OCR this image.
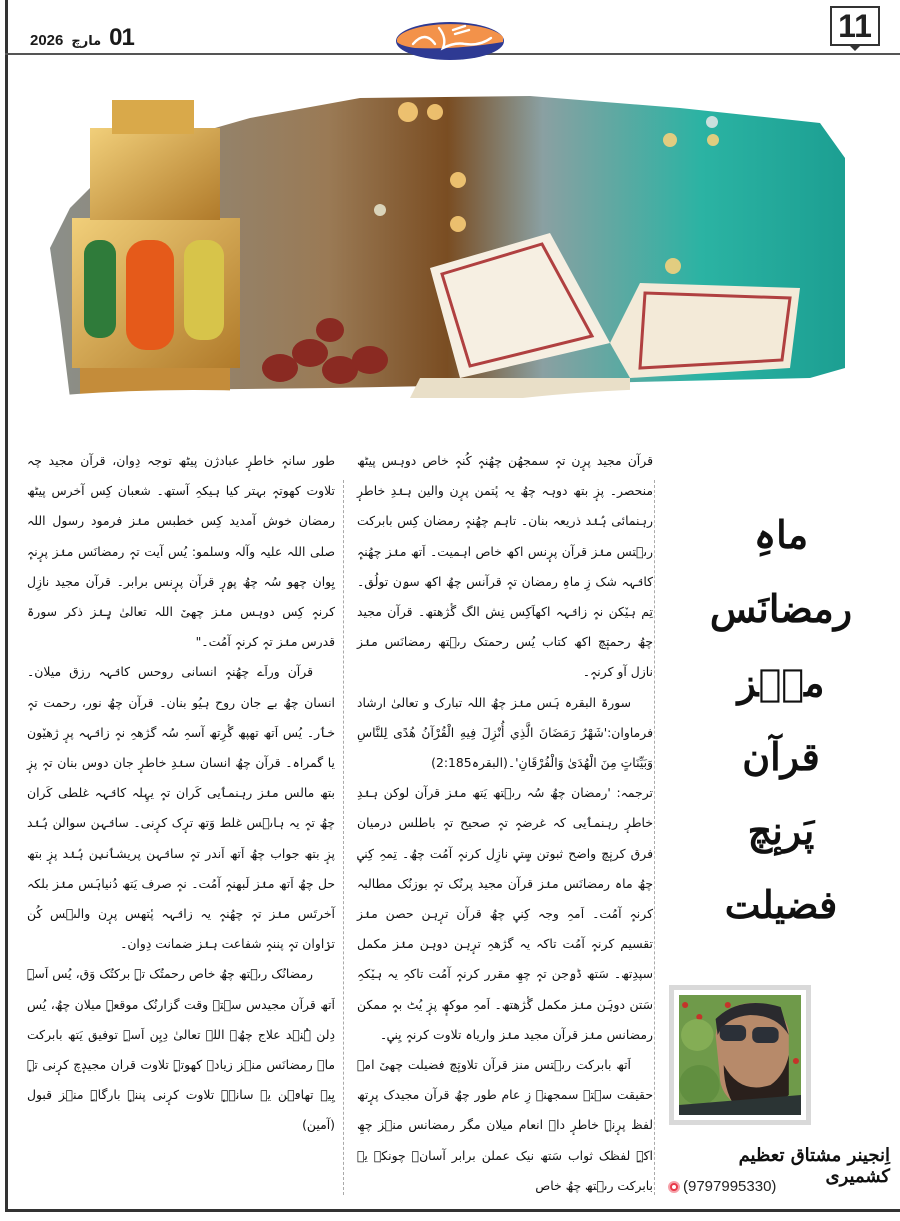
2026 مارچ 01	11

قرآن مجید پرٕن تہٕ سمجھُن چھُنہٕ کُنہٕ خاص دوہس پیٹھ منحصر۔ پزٕ بتھ دوہہ چھُ یہ پٔتمن پرٕن والین ہنٛدِ خاطرٕ رہنمائی ہُنٛد ذریعہ بنان۔ تاہم چھُنہٕ رمضان کِس بابرکت رٮ۪تس منٛز قرآن پرٕنس اکھ خاص اہمیت۔ اَتھ منٛز چھُنہٕ کانٛہہ شک زِ ماہِ رمضان تہٕ قرآنس چھُ اکھ سۄن تولُق۔ تِم ہیٚکن نہٕ زانٛہہ اکھاَکِس نِش الگ گٔژھتھ۔ قرآن مجید چھُ رحمتٕچ اکھ کتاب یُس رحمتک رٮ۪تھ رمضانَس منٛز نازل آو کرنہٕ۔

سورۃ البقرہ ہَس منٛز چھُ اللہ تبارک و تعالیٰ ارشاد فرماوان:'شَهْرُ رَمَضَانَ الَّذِي أُنْزِلَ فِيهِ الْقُرْآنُ هُدًى لِلنَّاسِ وَبَيِّنَاتٍ مِنَ الْهُدَىٰ وَالْفُرْقَانِ'۔(البقرہ2:185)

ترجمہ: 'رمضان چھُ سُہ رٮ۪تھ یَتھ منٛز قرآن لوکن ہنٛدِ خاطرٕ رہنمٲیی کہ غرضہٕ تہٕ صحیح تہٕ باطلس درمیان فرق کرنٕچ واضح ثبوتن سٟتؠ نازِل کرنہٕ آمُت چھُ۔ تِمہِ کِنؠ چھُ ماہ رمضانَس منٛز قرآن مجید پرنُک تہٕ بوزنُک مطالبہ کرنہٕ آمُت۔ اَمہِ وجہ کِنؠ چھُ قرآن ترٕہن حصن منٛز تقسیم کرنہٕ آمُت تاکہ یہ گژھہِ ترٕہن دوہن منٛز مکمل سپدِتھ۔ سَتھ ڈۄجن تہٕ چھِ مقرر کرنہٕ آمُت تاکہِ یہ ہیٚکہِ سَتن دوہَن منٛز مکمل گٔژھتھ۔ اَمہِ موکھٕ پزٕ یُٹ بہٕ ممکن رمضانس منٛز قرآن مجید منٛز وارياہ تلاوت کرنہٕ یِنؠ۔

اَتھ بابرکت رٮ۪تس منز قرآن تلاوتٕچ فضیلت چھیٚ امہ حقیقت سٟتؠ سمجھنؠ زِ عام طور چھُ قرآن مجیدک پرٕتھ لفظ پرٕنہٕ خاطرٕ داہ انعام میلان مگر رمضانس منٛز چھِ اکہِ لفظک ثواب سَتھ نیک عملن برابر آسان۔ چونکہ یہ بابرکت رٮ۪تھ چھُ خاص

طور سانہٕ خاطرٕ عبادژن پیٹھ توجہ دِوان، قرآن مجید چہ تلاوت کھوتہٕ بہتر کیا ہیکہِ آستھ۔ شعبان کِس آخرس پیٹھ رمضان خوش آمدید کِس خطبس منٛز فرمود رسول اللہ صلی اللہ علیہ وآلہ وسلمو: یُس آیت تہٕ رمضانَس منٛز پرٕنہٕ یِوان چھو سُہ چھُ پۄرٕ قرآن پرٕنس برابر۔ قرآن مجید نازِل کرنہٕ کِس دوہس منٛز چھیٚ اللہ تعالیٰ ہٕنٛز ذکر سورۃ قدرس منٛز تہٕ کرنہٕ آمُت۔"

قرآن وراَے چھُنہٕ انسانی روحس کانٛہہ رزق میلان۔ انسان چھُ بے جان روح ہیُو بنان۔ قرآن چھُ نور، رحمت تہٕ خٲر۔ یُس اَتھ تھپھ گٔرِتھ آسہِ سُہ گژھہِ نہٕ زانٛہہ پرٕ ژھیٚون یا گمراہ۔ قرآن چھُ انسان سنٛدِ خاطرٕ جان دوس بنان تہٕ پزٕ بتھ مالس منٛز رہنمٲیی کَران تہٕ یہِلہ کانٛہہ غلطی کَران چھُ تہٕ یہ ہاٮ۪س غلط وَتھ ترٕک کرٕنی۔ سانٛہن سوالن ہُنٛد پزٕ بتھ جواب چھُ اَتھ اَندر تہٕ سانٛہن پریشٲنؠن ہُنٛد پزٕ بتھ حل چھُ اَتھ منٛز لَبھنہٕ آمُت۔ نہٕ صرف یَتھ دُنیاہَس منٛز بلکہ آخرتَس منٛز تہٕ چھُنہٕ یہ زانٛہہ پٔتھس پرٕن والٮ۪س کُن ترٛاوان تہٕ پننہٕ شفاعت ہنٛز ضمانت دِوان۔

رمضانُک رٮ۪تھ چھُ خاص رحمتُک تہٕ برکتُک وَق، یُس اَسہِ اَتھ قرآن مجیدس سٟتؠ وقت گزارنُک موقعہٕ میلان چھُ، یُس دِلن ہُنٛد علاج چھُ۔ اللہ تعالیٰ دِیِن اَسہِ توفیق یَتھ بابرکت ماہ رمضانَس منٛز زیادہ کھوتہٕ تلاوت قران مجیدٕچ کرٕنی تہٕ یِیہ تھاٯ۪ن یہ سانٛہٕ تلاوت کرٕنی پننہٕ بارگاہِ منٛز قبول (آمین)

ماہِ
رمضانَس
منٛز
قرآن
پَرنٕچ
فضیلت
اِنجینر مشتاق تعظیم کشمیری
(9797995330)
